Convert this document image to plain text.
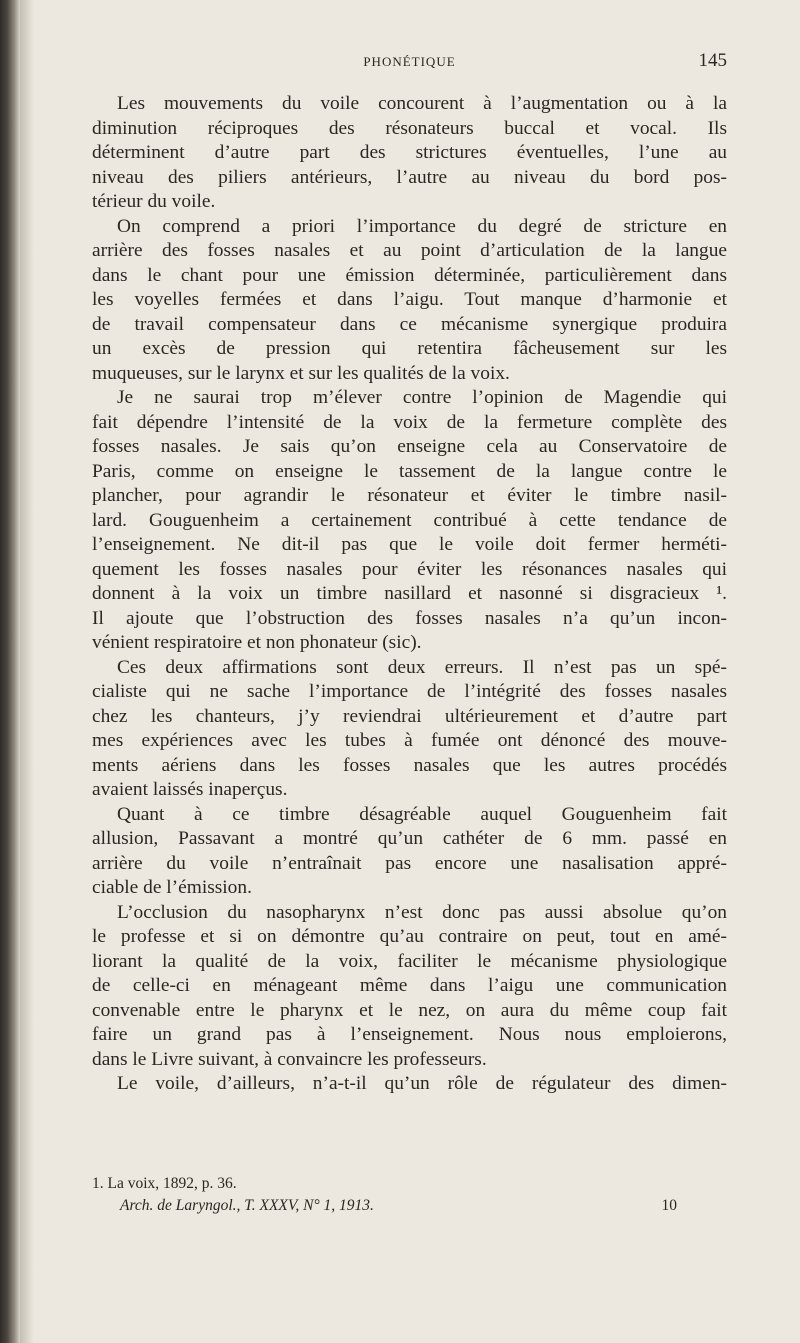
PHONÉTIQUE	145

Les mouvements du voile concourent à l’augmentation ou à la

diminution réciproques des résonateurs buccal et vocal. Ils

déterminent d’autre part des strictures éventuelles, l’une au

niveau des piliers antérieurs, l’autre au niveau du bord pos-

térieur du voile.

On comprend a priori l’importance du degré de stricture en

arrière des fosses nasales et au point d’articulation de la langue

dans le chant pour une émission déterminée, particulièrement dans

les voyelles fermées et dans l’aigu. Tout manque d’harmonie et

de travail compensateur dans ce mécanisme synergique produira

un excès de pression qui retentira fâcheusement sur les

muqueuses, sur le larynx et sur les qualités de la voix.

Je ne saurai trop m’élever contre l’opinion de Magendie qui

fait dépendre l’intensité de la voix de la fermeture complète des

fosses nasales. Je sais qu’on enseigne cela au Conservatoire de

Paris, comme on enseigne le tassement de la langue contre le

plancher, pour agrandir le résonateur et éviter le timbre nasil-

lard. Gouguenheim a certainement contribué à cette tendance de

l’enseignement. Ne dit-il pas que le voile doit fermer herméti-

quement les fosses nasales pour éviter les résonances nasales qui

donnent à la voix un timbre nasillard et nasonné si disgracieux ¹.

Il ajoute que l’obstruction des fosses nasales n’a qu’un incon-

vénient respiratoire et non phonateur (sic).

Ces deux affirmations sont deux erreurs. Il n’est pas un spé-

cialiste qui ne sache l’importance de l’intégrité des fosses nasales

chez les chanteurs, j’y reviendrai ultérieurement et d’autre part

mes expériences avec les tubes à fumée ont dénoncé des mouve-

ments aériens dans les fosses nasales que les autres procédés

avaient laissés inaperçus.

Quant à ce timbre désagréable auquel Gouguenheim fait

allusion, Passavant a montré qu’un cathéter de 6 mm. passé en

arrière du voile n’entraînait pas encore une nasalisation appré-

ciable de l’émission.

L’occlusion du nasopharynx n’est donc pas aussi absolue qu’on

le professe et si on démontre qu’au contraire on peut, tout en amé-

liorant la qualité de la voix, faciliter le mécanisme physiologique

de celle-ci en ménageant même dans l’aigu une communication

convenable entre le pharynx et le nez, on aura du même coup fait

faire un grand pas à l’enseignement. Nous nous emploierons,

dans le Livre suivant, à convaincre les professeurs.

Le voile, d’ailleurs, n’a-t-il qu’un rôle de régulateur des dimen-

1. La voix, 1892, p. 36.
Arch. de Laryngol., T. XXXV, N° 1, 1913.	10
